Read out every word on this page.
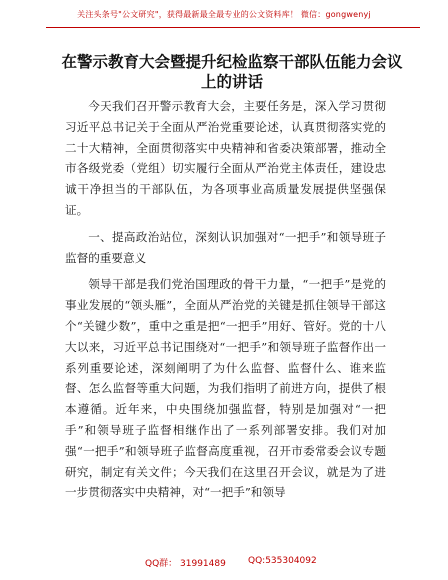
关注头条号"公文研究"，获得最新最全最专业的公文资料库！ 微信：gongwenyj
在警示教育大会暨提升纪检监察干部队伍能力会议上的讲话

今天我们召开警示教育大会，主要任务是，深入学习贯彻习近平总书记关于全面从严治党重要论述，认真贯彻落实党的二十大精神，全面贯彻落实中央精神和省委决策部署，推动全市各级党委（党组）切实履行全面从严治党主体责任，建设忠诚干净担当的干部队伍，为各项事业高质量发展提供坚强保证。

一、提高政治站位，深刻认识加强对“一把手”和领导班子监督的重要意义

领导干部是我们党治国理政的骨干力量，“一把手”是党的事业发展的“领头雁”，全面从严治党的关键是抓住领导干部这个“关键少数”，重中之重是把“一把手”用好、管好。党的十八大以来，习近平总书记围绕对“一把手”和领导班子监督作出一系列重要论述，深刻阐明了为什么监督、监督什么、谁来监督、怎么监督等重大问题，为我们指明了前进方向，提供了根本遵循。近年来，中央围绕加强监督，特别是加强对“一把手”和领导班子监督相继作出了一系列部署安排。我们对加强“一把手”和领导班子监督高度重视，召开市委常委会议专题研究，制定有关文件；今天我们在这里召开会议，就是为了进一步贯彻落实中央精神，对“一把手”和领导

QQ群： 31991489 QQ:535304092
